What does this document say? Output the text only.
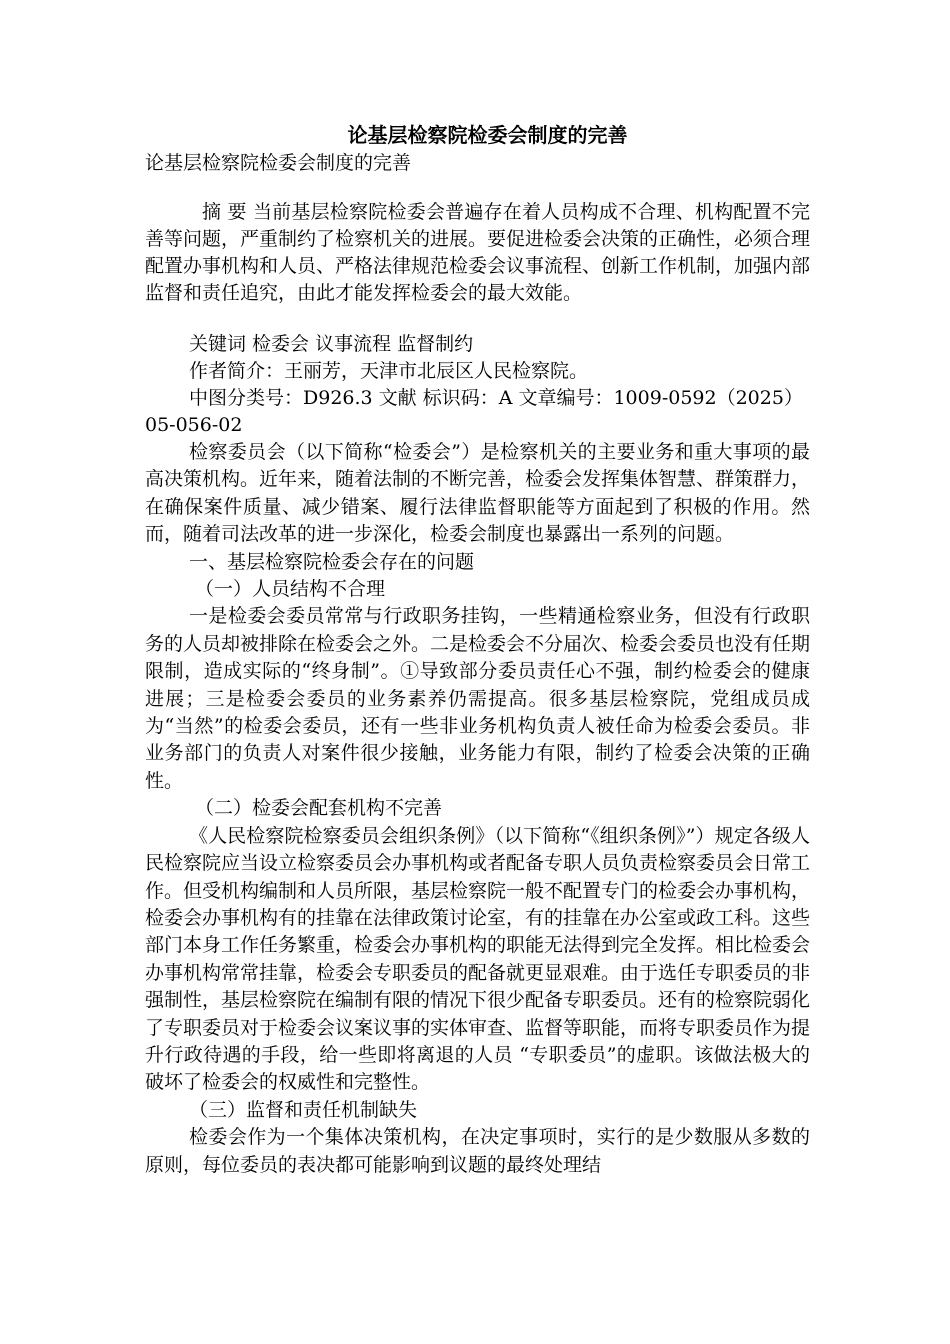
论基层检察院检委会制度的完善

论基层检察院检委会制度的完善

摘 要 当前基层检察院检委会普遍存在着人员构成不合理、机构配置不完善等问题，严重制约了检察机关的进展。要促进检委会决策的正确性，必须合理配置办事机构和人员、严格法律规范检委会议事流程、创新工作机制，加强内部监督和责任追究，由此才能发挥检委会的最大效能。

关键词 检委会 议事流程 监督制约

作者简介：王丽芳，天津市北辰区人民检察院。

中图分类号：D926.3 文献 标识码：A 文章编号：1009-0592（2025）05-056-02

检察委员会（以下简称“检委会”）是检察机关的主要业务和重大事项的最高决策机构。近年来，随着法制的不断完善，检委会发挥集体智慧、群策群力，在确保案件质量、减少错案、履行法律监督职能等方面起到了积极的作用。然而，随着司法改革的进一步深化，检委会制度也暴露出一系列的问题。

一、基层检察院检委会存在的问题

（一）人员结构不合理

一是检委会委员常常与行政职务挂钩，一些精通检察业务，但没有行政职务的人员却被排除在检委会之外。二是检委会不分届次、检委会委员也没有任期限制，造成实际的“终身制”。①导致部分委员责任心不强，制约检委会的健康进展；三是检委会委员的业务素养仍需提高。很多基层检察院，党组成员成为“当然”的检委会委员，还有一些非业务机构负责人被任命为检委会委员。非业务部门的负责人对案件很少接触，业务能力有限，制约了检委会决策的正确性。

（二）检委会配套机构不完善

《人民检察院检察委员会组织条例》（以下简称“《组织条例》”）规定各级人民检察院应当设立检察委员会办事机构或者配备专职人员负责检察委员会日常工作。但受机构编制和人员所限，基层检察院一般不配置专门的检委会办事机构，检委会办事机构有的挂靠在法律政策讨论室，有的挂靠在办公室或政工科。这些部门本身工作任务繁重，检委会办事机构的职能无法得到完全发挥。相比检委会办事机构常常挂靠，检委会专职委员的配备就更显艰难。由于选任专职委员的非强制性，基层检察院在编制有限的情况下很少配备专职委员。还有的检察院弱化了专职委员对于检委会议案议事的实体审查、监督等职能，而将专职委员作为提升行政待遇的手段，给一些即将离退的人员 “专职委员”的虚职。该做法极大的破坏了检委会的权威性和完整性。

（三）监督和责任机制缺失

检委会作为一个集体决策机构，在决定事项时，实行的是少数服从多数的原则，每位委员的表决都可能影响到议题的最终处理结
